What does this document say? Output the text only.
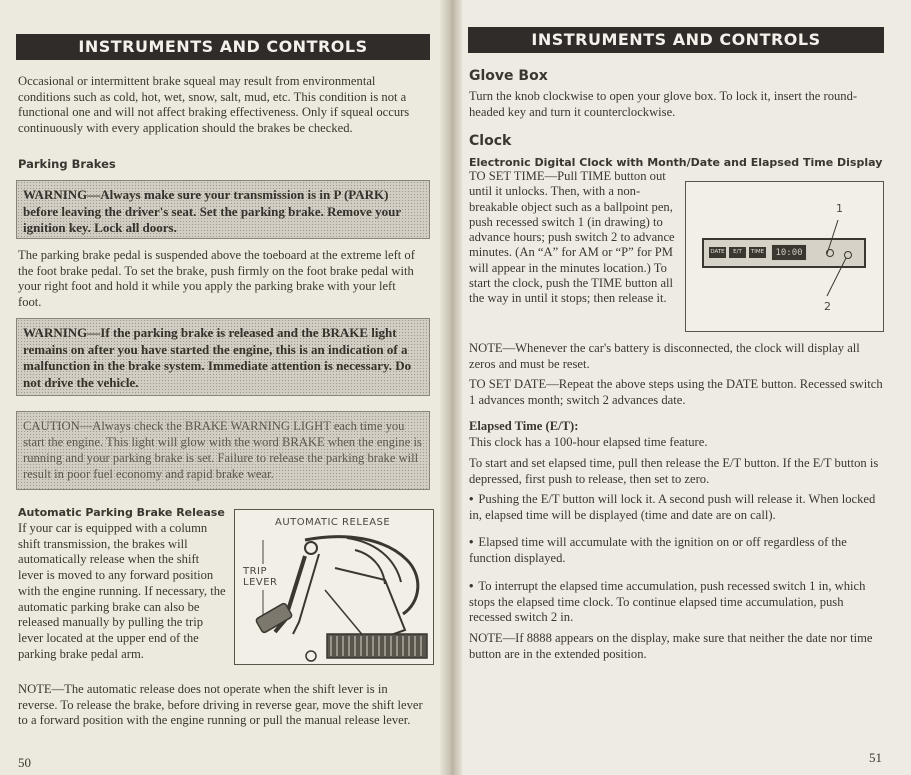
INSTRUMENTS AND CONTROLS

Occasional or intermittent brake squeal may result from environmental conditions such as cold, hot, wet, snow, salt, mud, etc. This condition is not a functional one and will not affect braking effectiveness. Only if squeal occurs continuously with every application should the brakes be checked.

Parking Brakes
WARNING—Always make sure your transmission is in P (PARK) before leaving the driver's seat. Set the parking brake. Remove your ignition key. Lock all doors.

The parking brake pedal is suspended above the toeboard at the extreme left of the foot brake pedal. To set the brake, push firmly on the foot brake pedal with your right foot and hold it while you apply the parking brake with your left foot.

WARNING—If the parking brake is released and the BRAKE light remains on after you have started the engine, this is an indication of a malfunction in the brake system. Immediate attention is necessary. Do not drive the vehicle.
CAUTION—Always check the BRAKE WARNING LIGHT each time you start the engine. This light will glow with the word BRAKE when the engine is running and your parking brake is set. Failure to release the parking brake will result in poor fuel economy and rapid brake wear.
Automatic Parking Brake Release

If your car is equipped with a column shift transmission, the brakes will automatically release when the shift lever is moved to any forward position with the engine running. If necessary, the automatic parking brake can also be released manually by pulling the trip lever located at the upper end of the parking brake pedal arm.

AUTOMATIC RELEASE
TRIP
LEVER

NOTE—The automatic release does not operate when the shift lever is in reverse. To release the brake, before driving in reverse gear, move the shift lever to a forward position with the engine running or pull the manual release lever.

50
INSTRUMENTS AND CONTROLS
Glove Box

Turn the knob clockwise to open your glove box. To lock it, insert the round-headed key and turn it counterclockwise.

Clock
Electronic Digital Clock with Month/Date and Elapsed Time Display

TO SET TIME—Pull TIME button out until it unlocks. Then, with a non-breakable object such as a ballpoint pen, push recessed switch 1 (in drawing) to advance hours; push switch 2 to advance minutes. (An “A” for AM or “P” for PM will appear in the minutes location.) To start the clock, push the TIME button all the way in until it stops; then release it.

1
2
DATE	E/T	TIME	10:00

NOTE—Whenever the car's battery is disconnected, the clock will display all zeros and must be reset.

TO SET DATE—Repeat the above steps using the DATE button. Recessed switch 1 advances month; switch 2 advances date.

Elapsed Time (E/T):

This clock has a 100-hour elapsed time feature.

To start and set elapsed time, pull then release the E/T button. If the E/T button is depressed, first push to release, then set to zero.

• Pushing the E/T button will lock it. A second push will release it. When locked in, elapsed time will be displayed (time and date are on call).

• Elapsed time will accumulate with the ignition on or off regardless of the function displayed.

• To interrupt the elapsed time accumulation, push recessed switch 1 in, which stops the elapsed time clock. To continue elapsed time accumulation, push recessed switch 2 in.

NOTE—If 8888 appears on the display, make sure that neither the date nor time button are in the extended position.

51
